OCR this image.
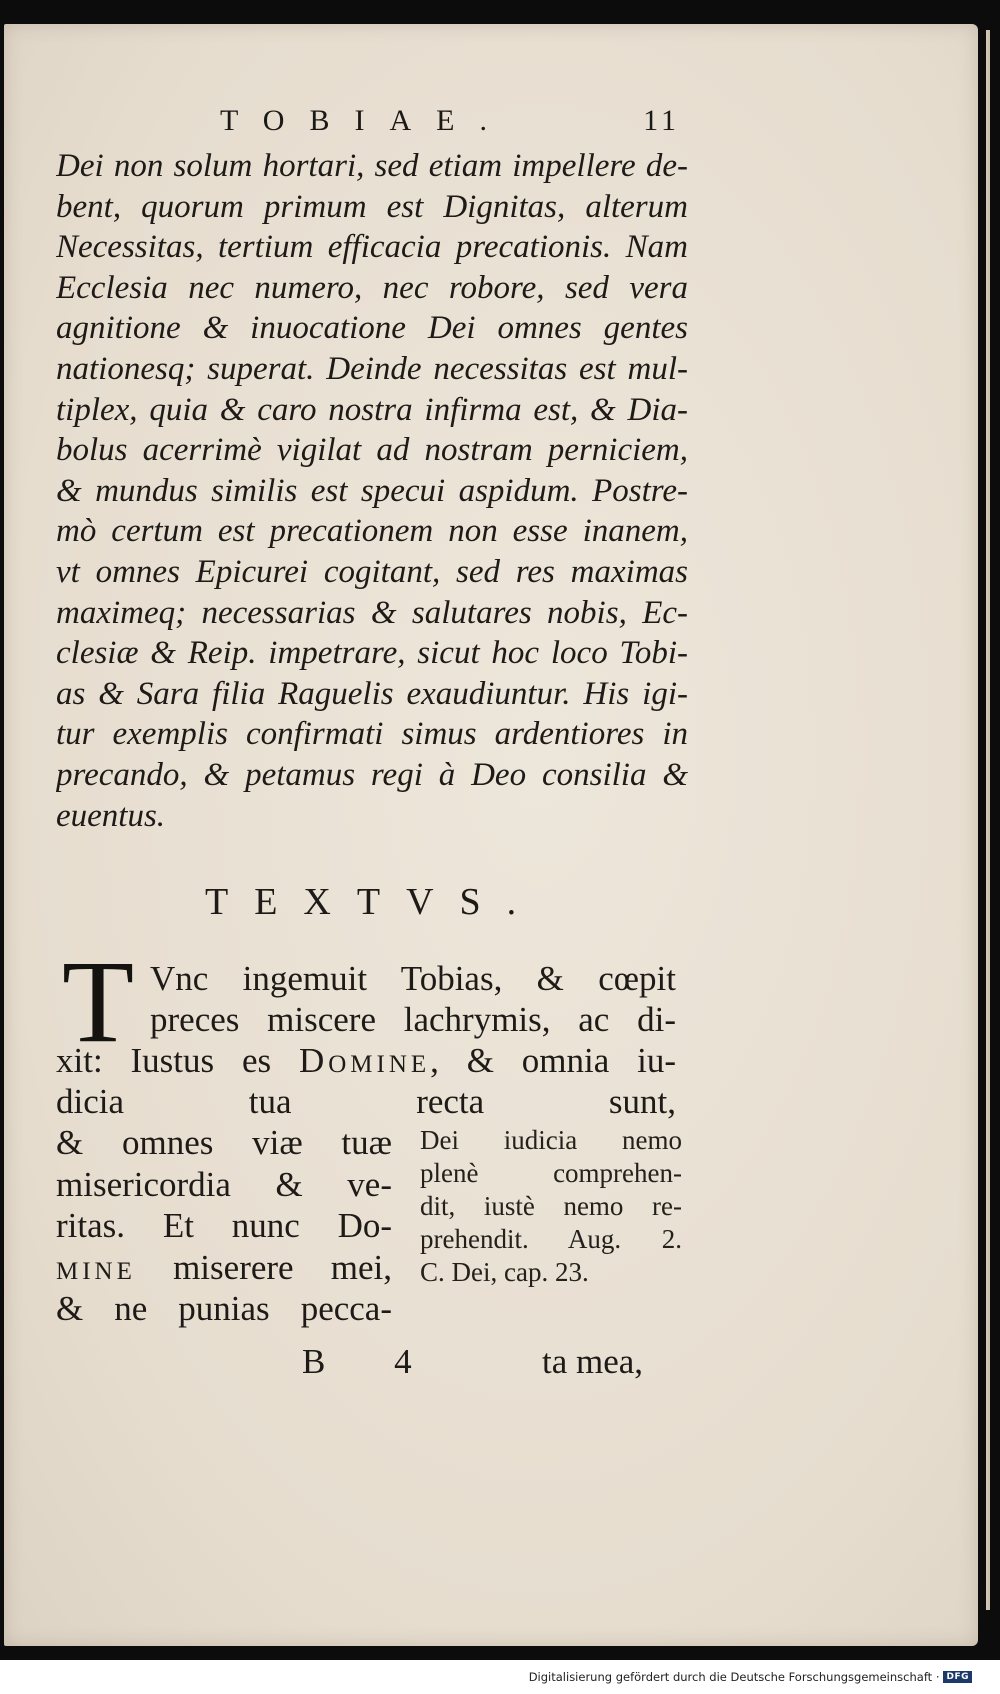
TOBIAE.	11
Dei non solum hortari, sed etiam impellere de-
bent, quorum primum est Dignitas, alterum
Necessitas, tertium efficacia precationis. Nam
Ecclesia nec numero, nec robore, sed vera
agnitione & inuocatione Dei omnes gentes
nationesq; superat. Deinde necessitas est mul-
tiplex, quia & caro nostra infirma est, & Dia-
bolus acerrimè vigilat ad nostram perniciem,
& mundus similis est specui aspidum. Postre-
mò certum est precationem non esse inanem,
vt omnes Epicurei cogitant, sed res maximas
maximeq; necessarias & salutares nobis, Ec-
clesiæ & Reip. impetrare, sicut hoc loco Tobi-
as & Sara filia Raguelis exaudiuntur. His igi-
tur exemplis confirmati simus ardentiores in
precando, & petamus regi à Deo consilia &
euentus.
TEXTVS.
T Vnc ingemuit Tobias, & cœpit
preces miscere lachrymis, ac di-
xit: Iustus es Domine, & omnia iu-
dicia tua recta sunt,
& omnes viæ tuæ
misericordia & ve-
ritas. Et nunc Do-
mine miserere mei,
& ne punias pecca-
Dei iudicia nemo
plenè comprehen-
dit, iustè nemo re-
prehendit. Aug. 2.
C. Dei, cap. 23.
B 4	ta mea,
Digitalisierung gefördert durch die Deutsche Forschungsgemeinschaft · DFG
